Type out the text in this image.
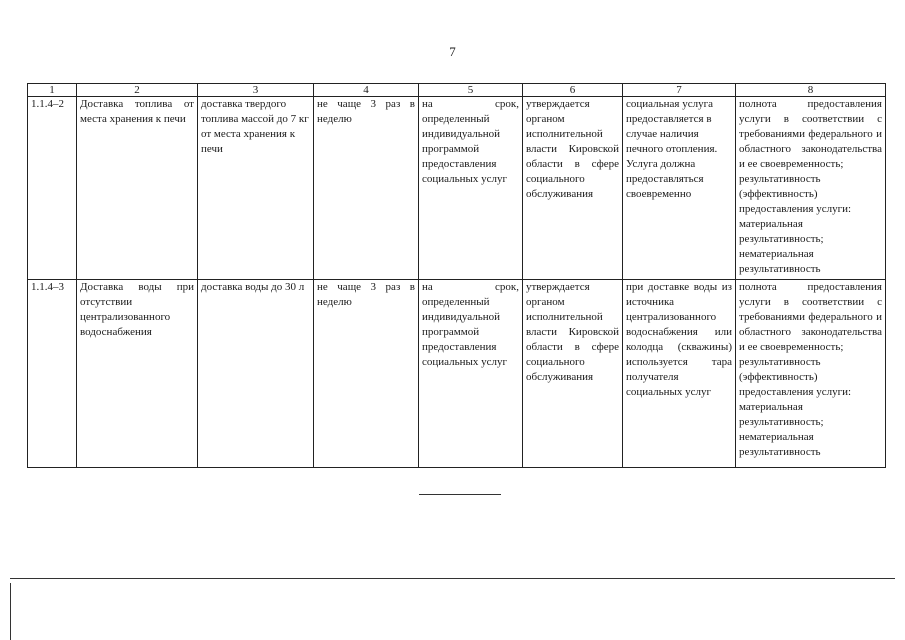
7
1	2	3	4	5	6	7	8
1.1.4–2	Доставка топлива от места хранения к печи	доставка твердого топлива массой до 7 кг от места хранения к печи	не чаще 3 раз в неделю	на срок, определенный индивидуальной программой предоставления социальных услуг	утверждается органом исполнительной власти Кировской области в сфере социального обслуживания	социальная услуга предоставляется в случае наличия печного отопления. Услуга должна предоставляться своевременно	полнота предоставления услуги в соответствии с требованиями федерального и областного законодательства и ее своевременность;
результативность (эффективность) предоставления услуги:
материальная результативность;
нематериальная результативность

1.1.4–3	Доставка воды при отсутствии централизованного водоснабжения	доставка воды до 30 л	не чаще 3 раз в неделю	на срок, определенный индивидуальной программой предоставления социальных услуг	утверждается органом исполнительной власти Кировской области в сфере социального обслуживания	при доставке воды из источника централизованного водоснабжения или колодца (скважины) используется тара получателя социальных услуг	полнота предоставления услуги в соответствии с требованиями федерального и областного законодательства и ее своевременность;
результативность (эффективность) предоставления услуги:
материальная результативность;
нематериальная результативность
